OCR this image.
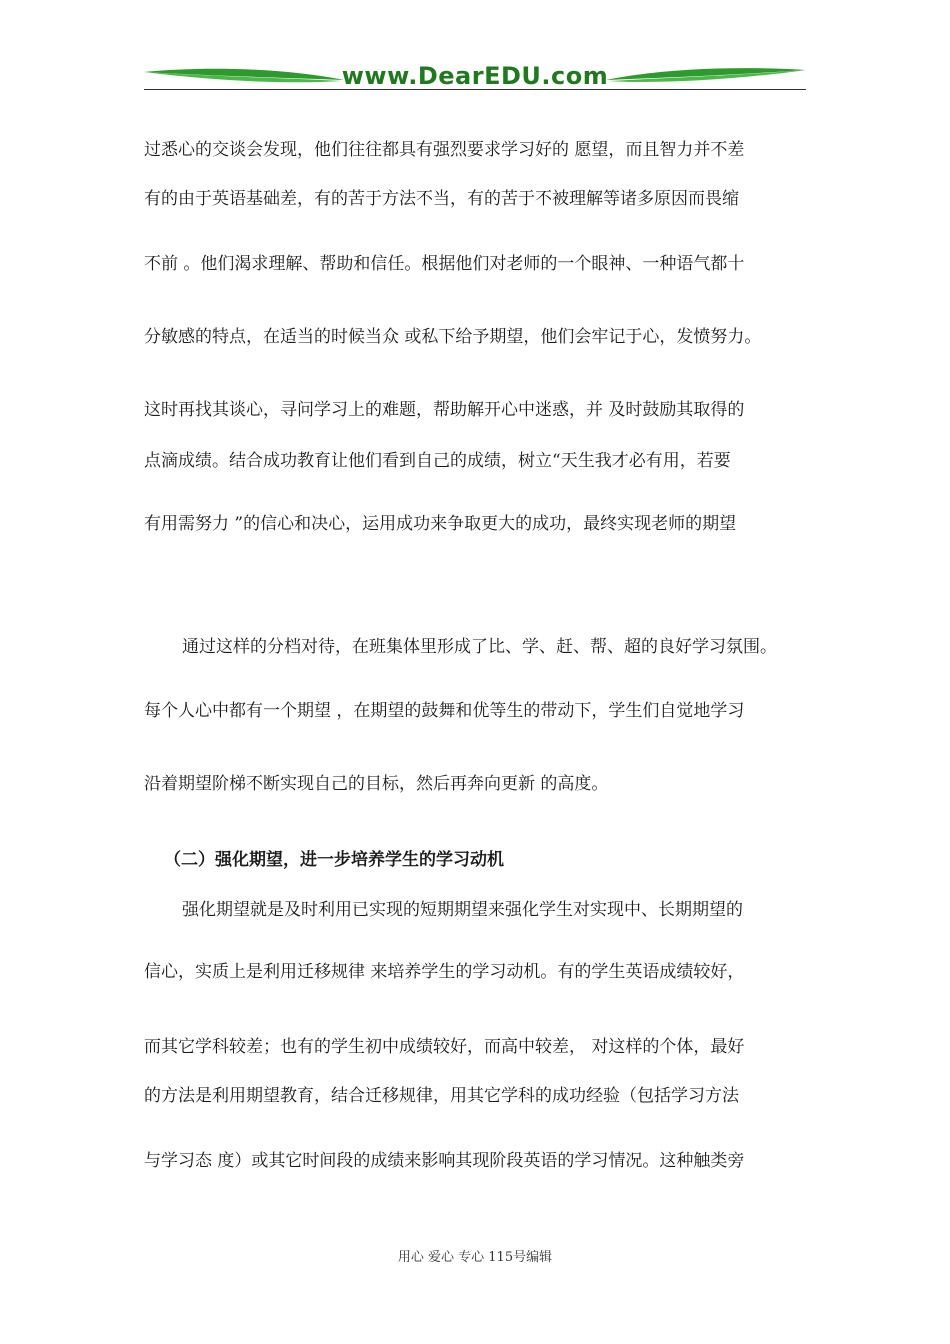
www.DearEDU.com
过悉心的交谈会发现，他们往往都具有强烈要求学习好的 愿望，而且智力并不差
有的由于英语基础差，有的苦于方法不当，有的苦于不被理解等诸多原因而畏缩
不前 。他们渴求理解、帮助和信任。根据他们对老师的一个眼神、一种语气都十
分敏感的特点，在适当的时候当众 或私下给予期望，他们会牢记于心，发愤努力。
这时再找其谈心，寻问学习上的难题，帮助解开心中迷惑，并 及时鼓励其取得的
点滴成绩。结合成功教育让他们看到自己的成绩，树立“天生我才必有用，若要
有用需努力 ”的信心和决心，运用成功来争取更大的成功，最终实现老师的期望
通过这样的分档对待，在班集体里形成了比、学、赶、帮、超的良好学习氛围。
每个人心中都有一个期望 ，在期望的鼓舞和优等生的带动下，学生们自觉地学习
沿着期望阶梯不断实现自己的目标，然后再奔向更新 的高度。
（二）强化期望，进一步培养学生的学习动机
强化期望就是及时利用已实现的短期期望来强化学生对实现中、长期期望的
信心，实质上是利用迁移规律 来培养学生的学习动机。有的学生英语成绩较好，
而其它学科较差；也有的学生初中成绩较好，而高中较差， 对这样的个体，最好
的方法是利用期望教育，结合迁移规律，用其它学科的成功经验（包括学习方法
与学习态 度）或其它时间段的成绩来影响其现阶段英语的学习情况。这种触类旁
用心 爱心 专心 115号编辑
